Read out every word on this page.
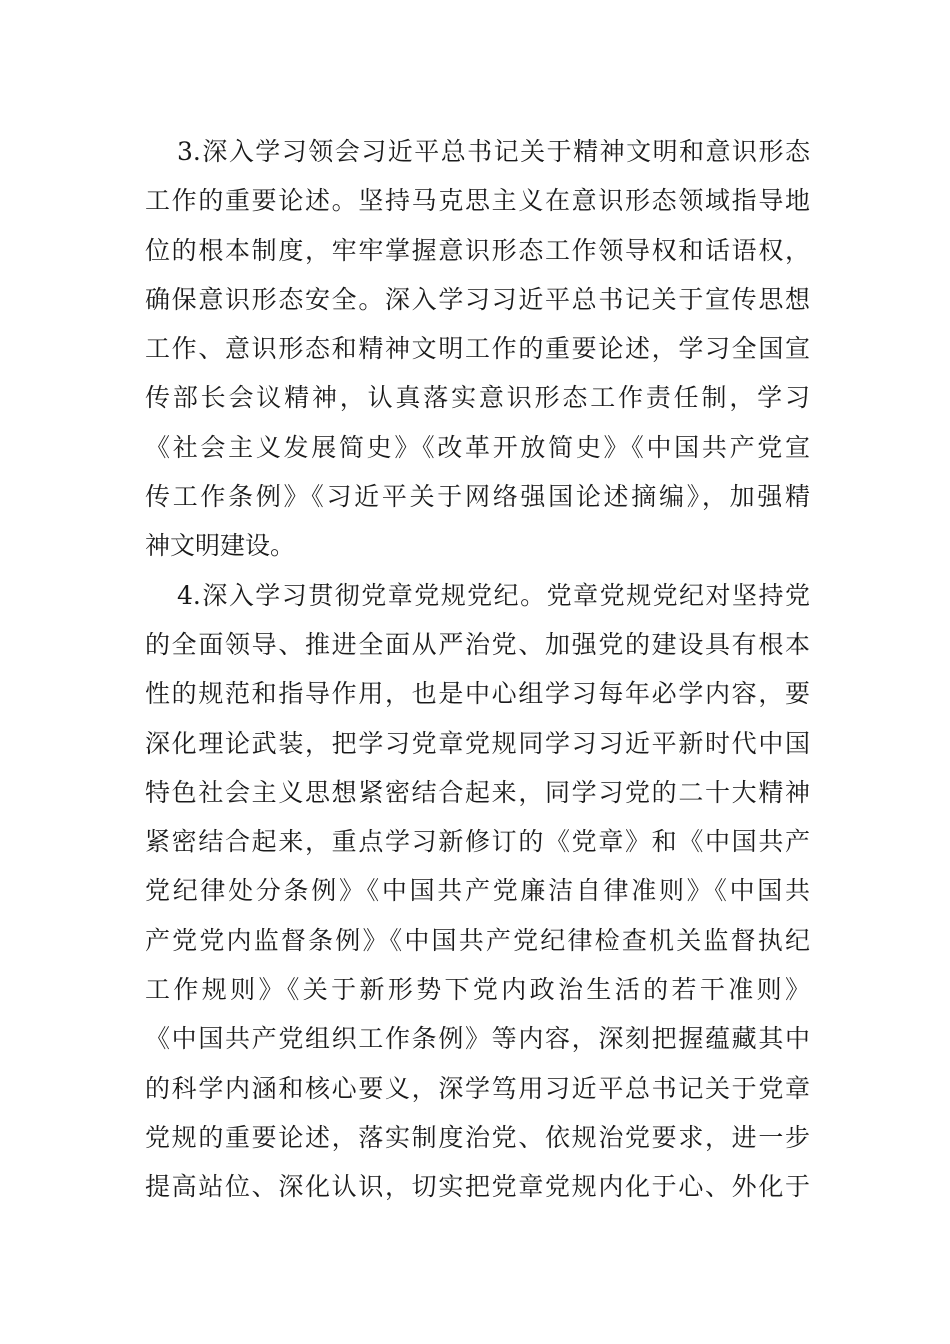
3.深入学习领会习近平总书记关于精神文明和意识形态
工作的重要论述。坚持马克思主义在意识形态领域指导地
位的根本制度，牢牢掌握意识形态工作领导权和话语权，
确保意识形态安全。深入学习习近平总书记关于宣传思想
工作、意识形态和精神文明工作的重要论述，学习全国宣
传部长会议精神，认真落实意识形态工作责任制，学习
《社会主义发展简史》《改革开放简史》《中国共产党宣
传工作条例》《习近平关于网络强国论述摘编》，加强精
神文明建设。
4.深入学习贯彻党章党规党纪。党章党规党纪对坚持党
的全面领导、推进全面从严治党、加强党的建设具有根本
性的规范和指导作用，也是中心组学习每年必学内容，要
深化理论武装，把学习党章党规同学习习近平新时代中国
特色社会主义思想紧密结合起来，同学习党的二十大精神
紧密结合起来，重点学习新修订的《党章》和《中国共产
党纪律处分条例》《中国共产党廉洁自律准则》《中国共
产党党内监督条例》《中国共产党纪律检查机关监督执纪
工作规则》《关于新形势下党内政治生活的若干准则》
《中国共产党组织工作条例》等内容，深刻把握蕴藏其中
的科学内涵和核心要义，深学笃用习近平总书记关于党章
党规的重要论述，落实制度治党、依规治党要求，进一步
提高站位、深化认识，切实把党章党规内化于心、外化于
